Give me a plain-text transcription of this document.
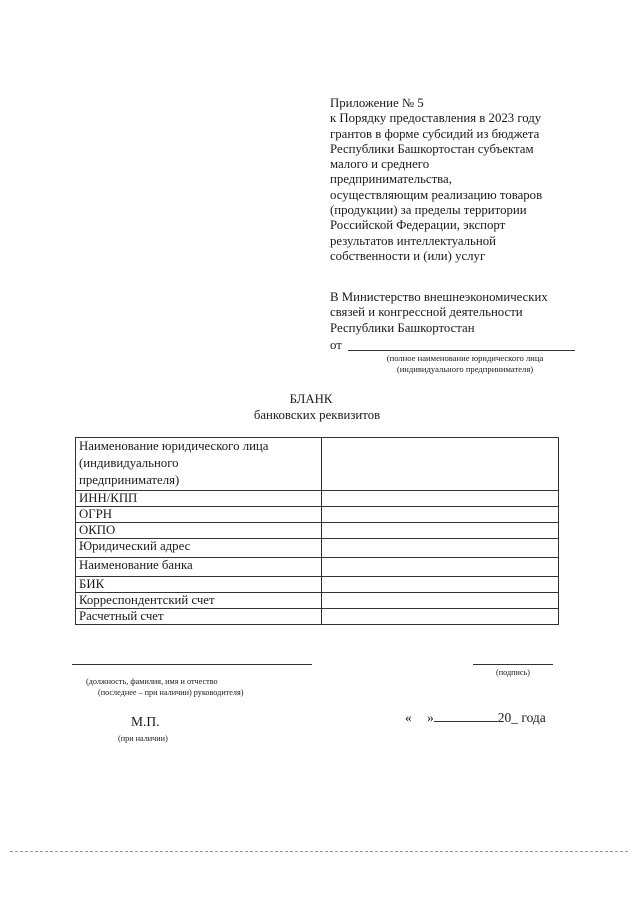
Приложение № 5
к Порядку предоставления в 2023 году
грантов в форме субсидий из бюджета
Республики Башкортостан субъектам
малого и среднего
предпринимательства,
осуществляющим реализацию товаров
(продукции) за пределы территории
Российской Федерации, экспорт
результатов интеллектуальной
собственности и (или) услуг
В Министерство внешнеэкономических
связей и конгрессной деятельности
Республики Башкортостан
от
(полное наименование юридического лица
(индивидуального предпринимателя)
БЛАНК
банковских реквизитов
Наименование юридического лица
(индивидуального
предпринимателя)	

ИНН/КПП	
ОГРН	
ОКПО	
Юридический адрес	
Наименование банка	
БИК	
Корреспондентский счет	
Расчетный счет	
(должность, фамилия, имя и отчество
(последнее – при наличии) руководителя)
(подпись)
М.П.
(при наличии)
« »	20_ года
